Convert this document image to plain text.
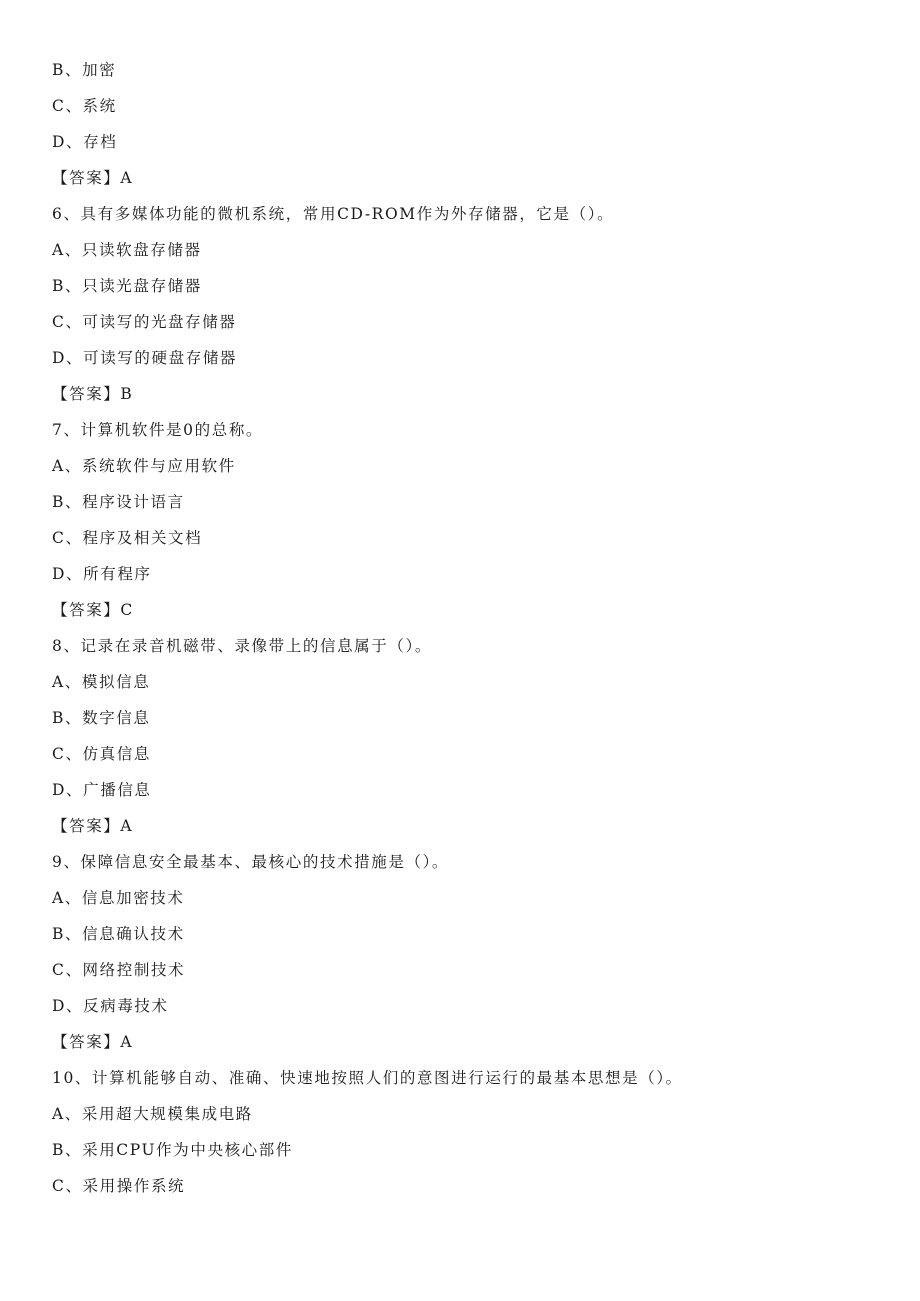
B、加密
C、系统
D、存档
【答案】A
6、具有多媒体功能的微机系统，常用CD-ROM作为外存储器，它是（）。
A、只读软盘存储器
B、只读光盘存储器
C、可读写的光盘存储器
D、可读写的硬盘存储器
【答案】B
7、计算机软件是0的总称。
A、系统软件与应用软件
B、程序设计语言
C、程序及相关文档
D、所有程序
【答案】C
8、记录在录音机磁带、录像带上的信息属于（）。
A、模拟信息
B、数字信息
C、仿真信息
D、广播信息
【答案】A
9、保障信息安全最基本、最核心的技术措施是（）。
A、信息加密技术
B、信息确认技术
C、网络控制技术
D、反病毒技术
【答案】A
10、计算机能够自动、准确、快速地按照人们的意图进行运行的最基本思想是（）。
A、采用超大规模集成电路
B、采用CPU作为中央核心部件
C、采用操作系统
